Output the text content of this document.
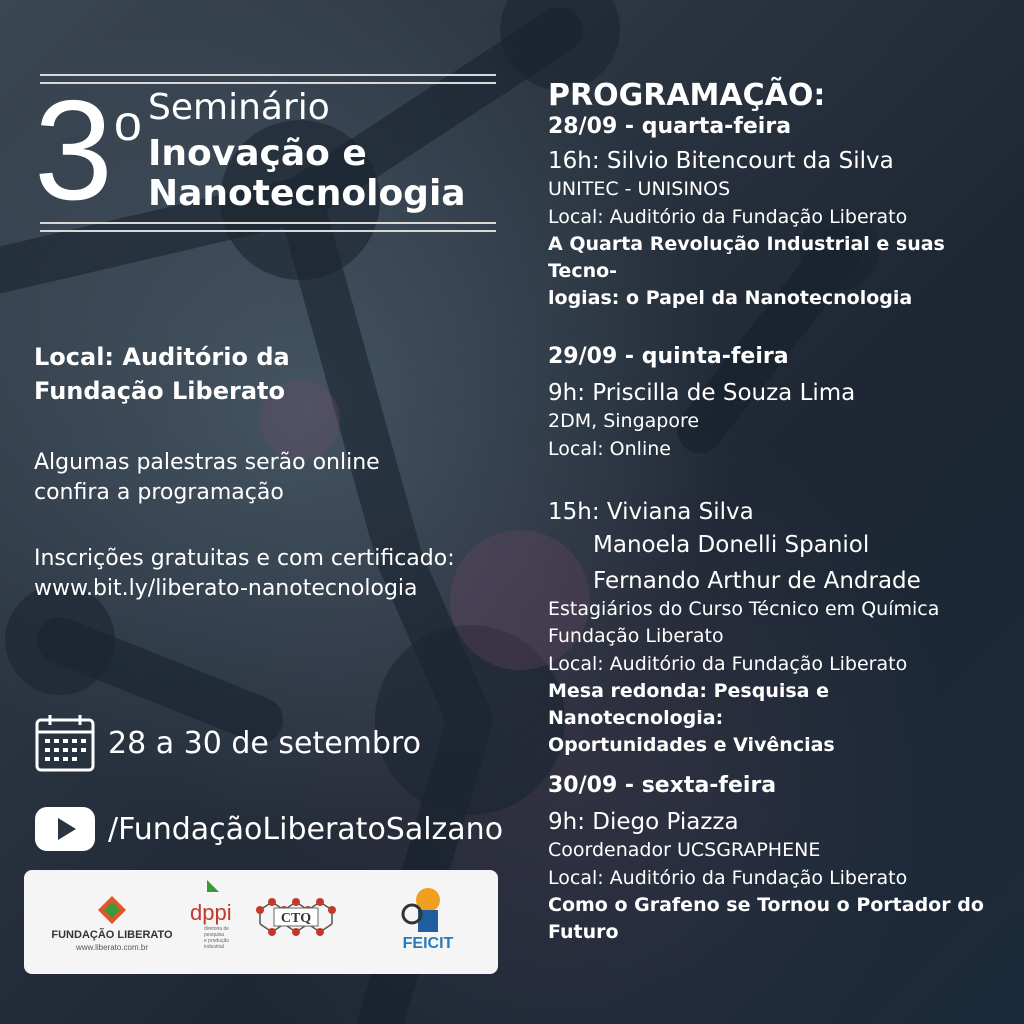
3 o Seminário
Inovação e
Nanotecnologia
Local: Auditório da
Fundação Liberato
Algumas palestras serão online
confira a programação
Inscrições gratuitas e com certificado:
www.bit.ly/liberato-nanotecnologia
28 a 30 de setembro
/FundaçãoLiberatoSalzano
FUNDAÇÃO LIBERATO
www.liberato.com.br
dppi
diretoria de
pesquisa
e produção
industrial
CTQ
FEICIT
PROGRAMAÇÃO:
28/09 - quarta-feira
16h: Silvio Bitencourt da Silva
UNITEC - UNISINOS
Local: Auditório da Fundação Liberato
A Quarta Revolução Industrial e suas Tecno-
logias: o Papel da Nanotecnologia
29/09 - quinta-feira
9h: Priscilla de Souza Lima
2DM, Singapore
Local: Online
15h: Viviana Silva
Manoela Donelli Spaniol
Fernando Arthur de Andrade
Estagiários do Curso Técnico em Química
Fundação Liberato
Local: Auditório da Fundação Liberato
Mesa redonda: Pesquisa e Nanotecnologia:
Oportunidades e Vivências
30/09 - sexta-feira
9h: Diego Piazza
Coordenador UCSGRAPHENE
Local: Auditório da Fundação Liberato
Como o Grafeno se Tornou o Portador do
Futuro
